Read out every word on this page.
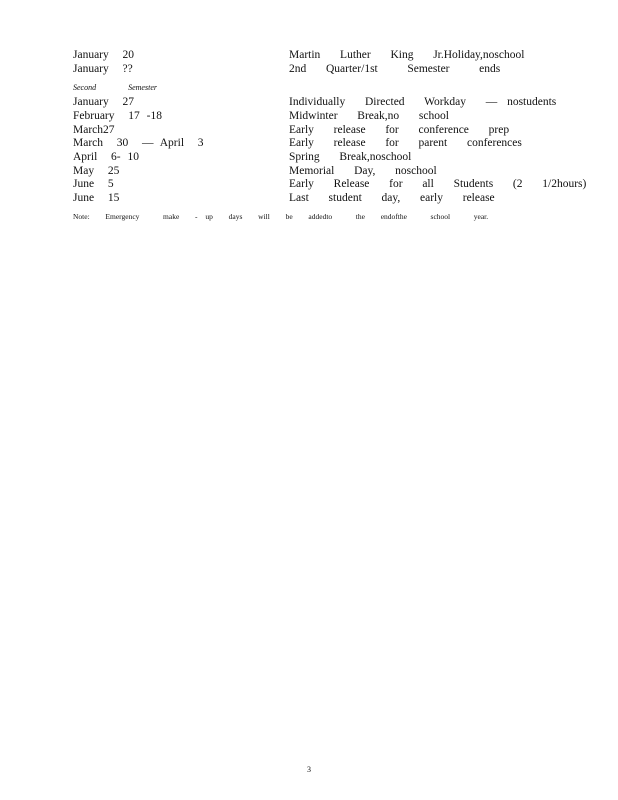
January  20

	Martin  Luther  King  Jr.Holiday,noschool

January  ??

	2nd  Quarter/1st   Semester   ends

Second  Semester

January  27

	Individually  Directed  Workday  — nostudents

February  17 -18

	Midwinter  Break,no  school

March27

	Early  release  for  conference  prep

March  30  — April  3

	Early  release  for  parent  conferences

April  6- 10

	Spring  Break,noschool

May  25

	Memorial  Day,  noschool

June  5

	Early  Release  for  all  Students  (2  1/2hours)

June  15

	Last  student  day,  early  release

Note:  Emergency   make  - up  days  will  be  addedto   the  endofthe   school   year.
3
